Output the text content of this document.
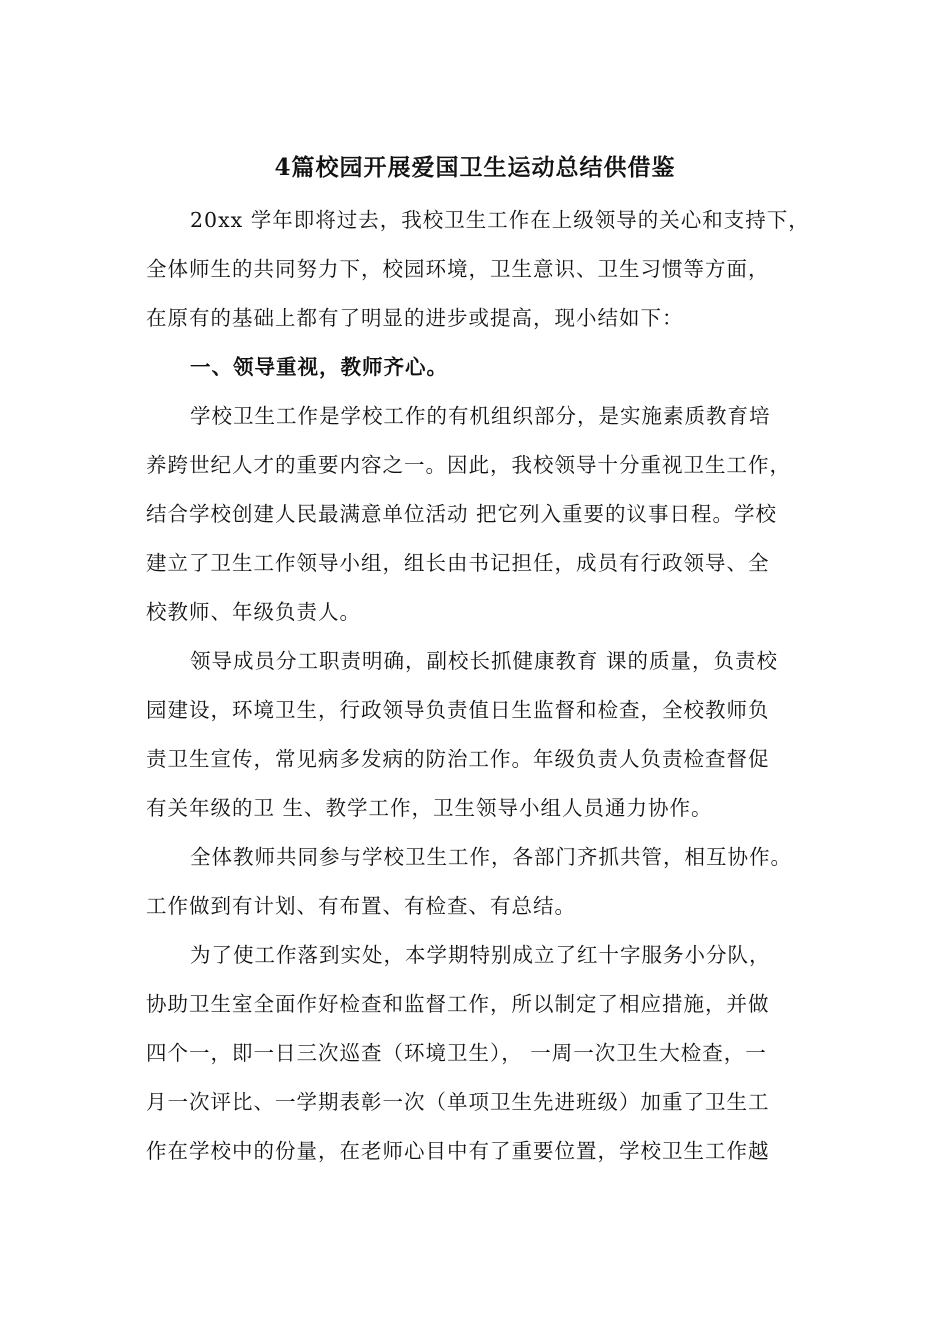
4篇校园开展爱国卫生运动总结供借鉴
20xx 学年即将过去，我校卫生工作在上级领导的关心和支持下，
全体师生的共同努力下，校园环境，卫生意识、卫生习惯等方面，
在原有的基础上都有了明显的进步或提高，现小结如下：
一、领导重视，教师齐心。
学校卫生工作是学校工作的有机组织部分，是实施素质教育培
养跨世纪人才的重要内容之一。因此，我校领导十分重视卫生工作，
结合学校创建人民最满意单位活动 把它列入重要的议事日程。学校
建立了卫生工作领导小组，组长由书记担任，成员有行政领导、全
校教师、年级负责人。
领导成员分工职责明确，副校长抓健康教育 课的质量，负责校
园建设，环境卫生，行政领导负责值日生监督和检查，全校教师负
责卫生宣传，常见病多发病的防治工作。年级负责人负责检查督促
有关年级的卫 生、教学工作，卫生领导小组人员通力协作。
全体教师共同参与学校卫生工作，各部门齐抓共管，相互协作。
工作做到有计划、有布置、有检查、有总结。
为了使工作落到实处，本学期特别成立了红十字服务小分队，
协助卫生室全面作好检查和监督工作，所以制定了相应措施，并做
四个一，即一日三次巡查（环境卫生）， 一周一次卫生大检查，一
月一次评比、一学期表彰一次（单项卫生先进班级）加重了卫生工
作在学校中的份量，在老师心目中有了重要位置，学校卫生工作越
